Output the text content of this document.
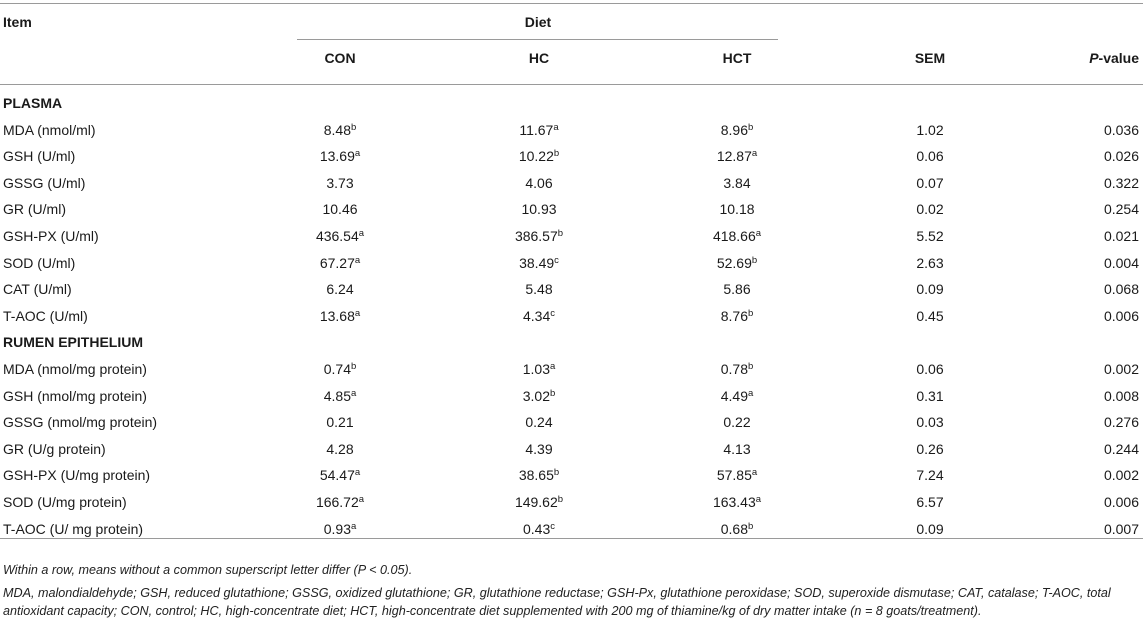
Item	Diet
CON	HC	HCT	SEM	P-value
PLASMA
MDA (nmol/ml)	8.48$^b$	11.67$^a$	8.96$^b$	1.02	0.036
GSH (U/ml)	13.69$^a$	10.22$^b$	12.87$^a$	0.06	0.026
GSSG (U/ml)	3.73	4.06	3.84	0.07	0.322
GR (U/ml)	10.46	10.93	10.18	0.02	0.254
GSH-PX (U/ml)	436.54$^a$	386.57$^b$	418.66$^a$	5.52	0.021
SOD (U/ml)	67.27$^a$	38.49$^c$	52.69$^b$	2.63	0.004
CAT (U/ml)	6.24	5.48	5.86	0.09	0.068
T-AOC (U/ml)	13.68$^a$	4.34$^c$	8.76$^b$	0.45	0.006
RUMEN EPITHELIUM
MDA (nmol/mg protein)	0.74$^b$	1.03$^a$	0.78$^b$	0.06	0.002
GSH (nmol/mg protein)	4.85$^a$	3.02$^b$	4.49$^a$	0.31	0.008
GSSG (nmol/mg protein)	0.21	0.24	0.22	0.03	0.276
GR (U/g protein)	4.28	4.39	4.13	0.26	0.244
GSH-PX (U/mg protein)	54.47$^a$	38.65$^b$	57.85$^a$	7.24	0.002
SOD (U/mg protein)	166.72$^a$	149.62$^b$	163.43$^a$	6.57	0.006
T-AOC (U/ mg protein)	0.93$^a$	0.43$^c$	0.68$^b$	0.09	0.007
Within a row, means without a common superscript letter differ (P < 0.05).
MDA, malondialdehyde; GSH, reduced glutathione; GSSG, oxidized glutathione; GR, glutathione reductase; GSH-Px, glutathione peroxidase; SOD, superoxide dismutase; CAT, catalase; T-AOC, total antioxidant capacity; CON, control; HC, high-concentrate diet; HCT, high-concentrate diet supplemented with 200 mg of thiamine/kg of dry matter intake (n = 8 goats/treatment).
